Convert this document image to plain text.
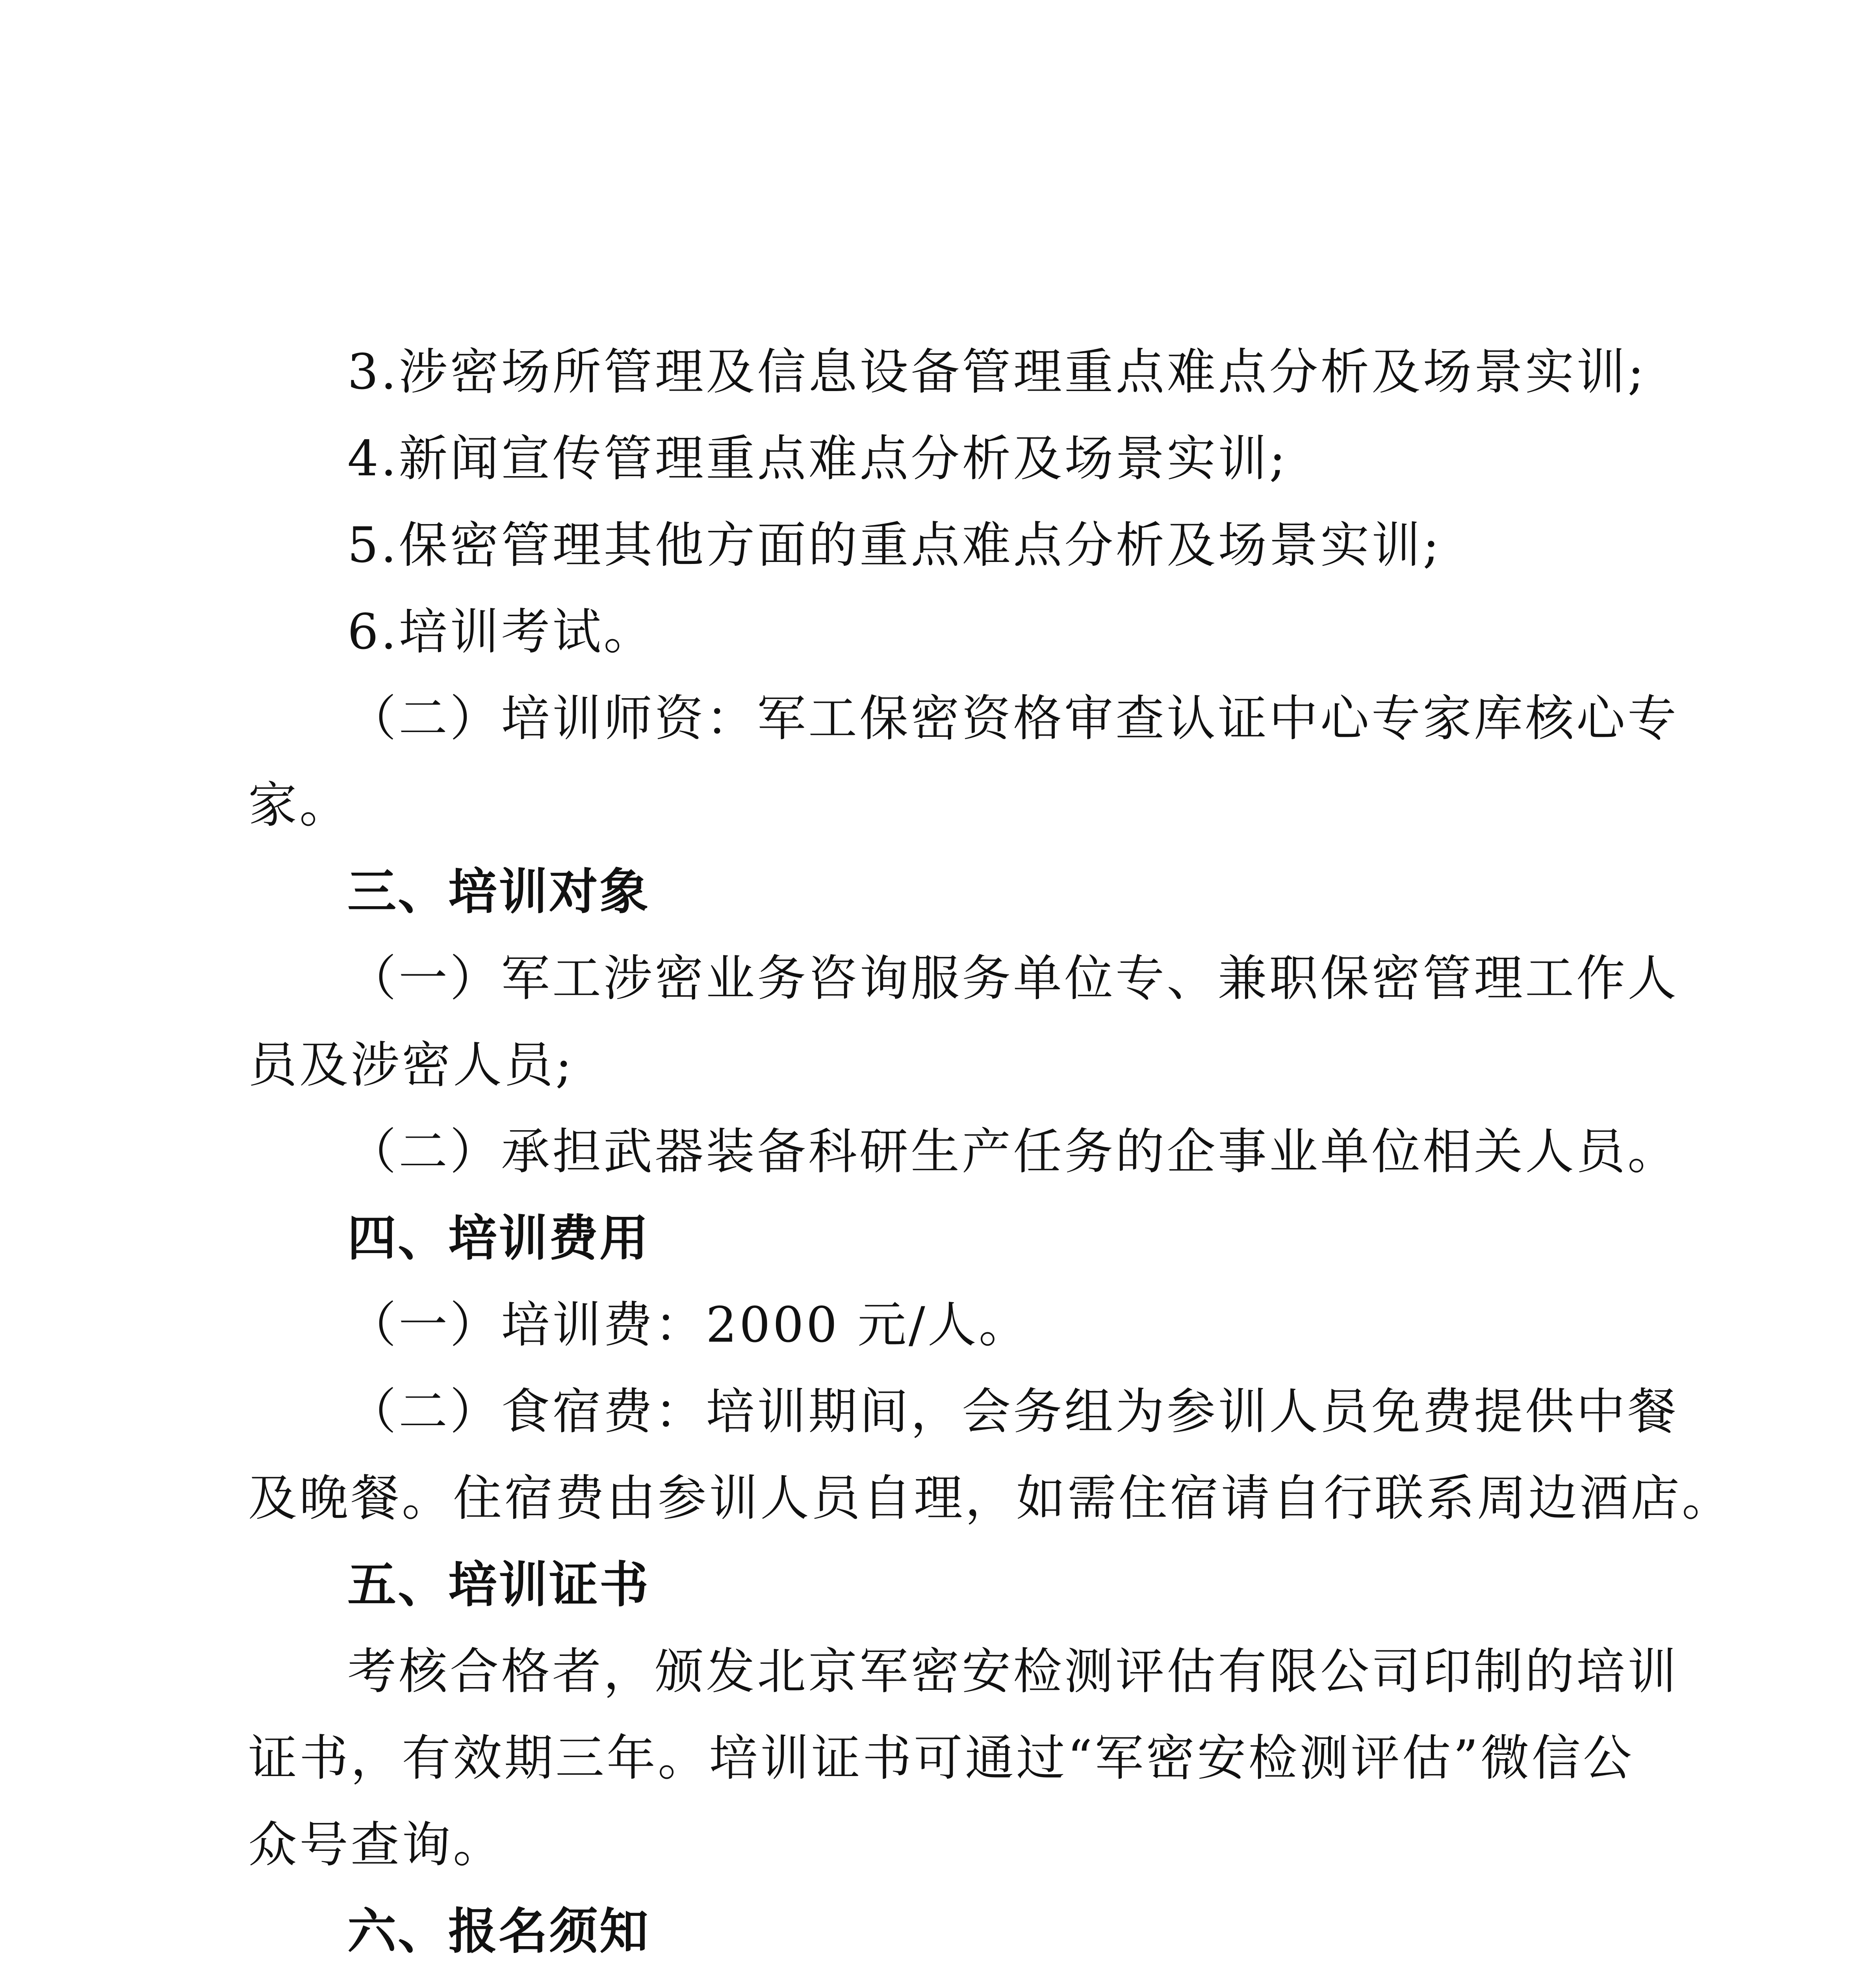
3.涉密场所管理及信息设备管理重点难点分析及场景实训;
4.新闻宣传管理重点难点分析及场景实训;
5.保密管理其他方面的重点难点分析及场景实训;
6.培训考试。
（二）培训师资：军工保密资格审查认证中心专家库核心专
家。
三、培训对象
（一）军工涉密业务咨询服务单位专、兼职保密管理工作人
员及涉密人员;
（二）承担武器装备科研生产任务的企事业单位相关人员。
四、培训费用
（一）培训费：2000 元/人。
（二）食宿费：培训期间，会务组为参训人员免费提供中餐
及晚餐。住宿费由参训人员自理，如需住宿请自行联系周边酒店。
五、培训证书
考核合格者，颁发北京军密安检测评估有限公司印制的培训
证书，有效期三年。培训证书可通过“军密安检测评估”微信公
众号查询。
六、报名须知
